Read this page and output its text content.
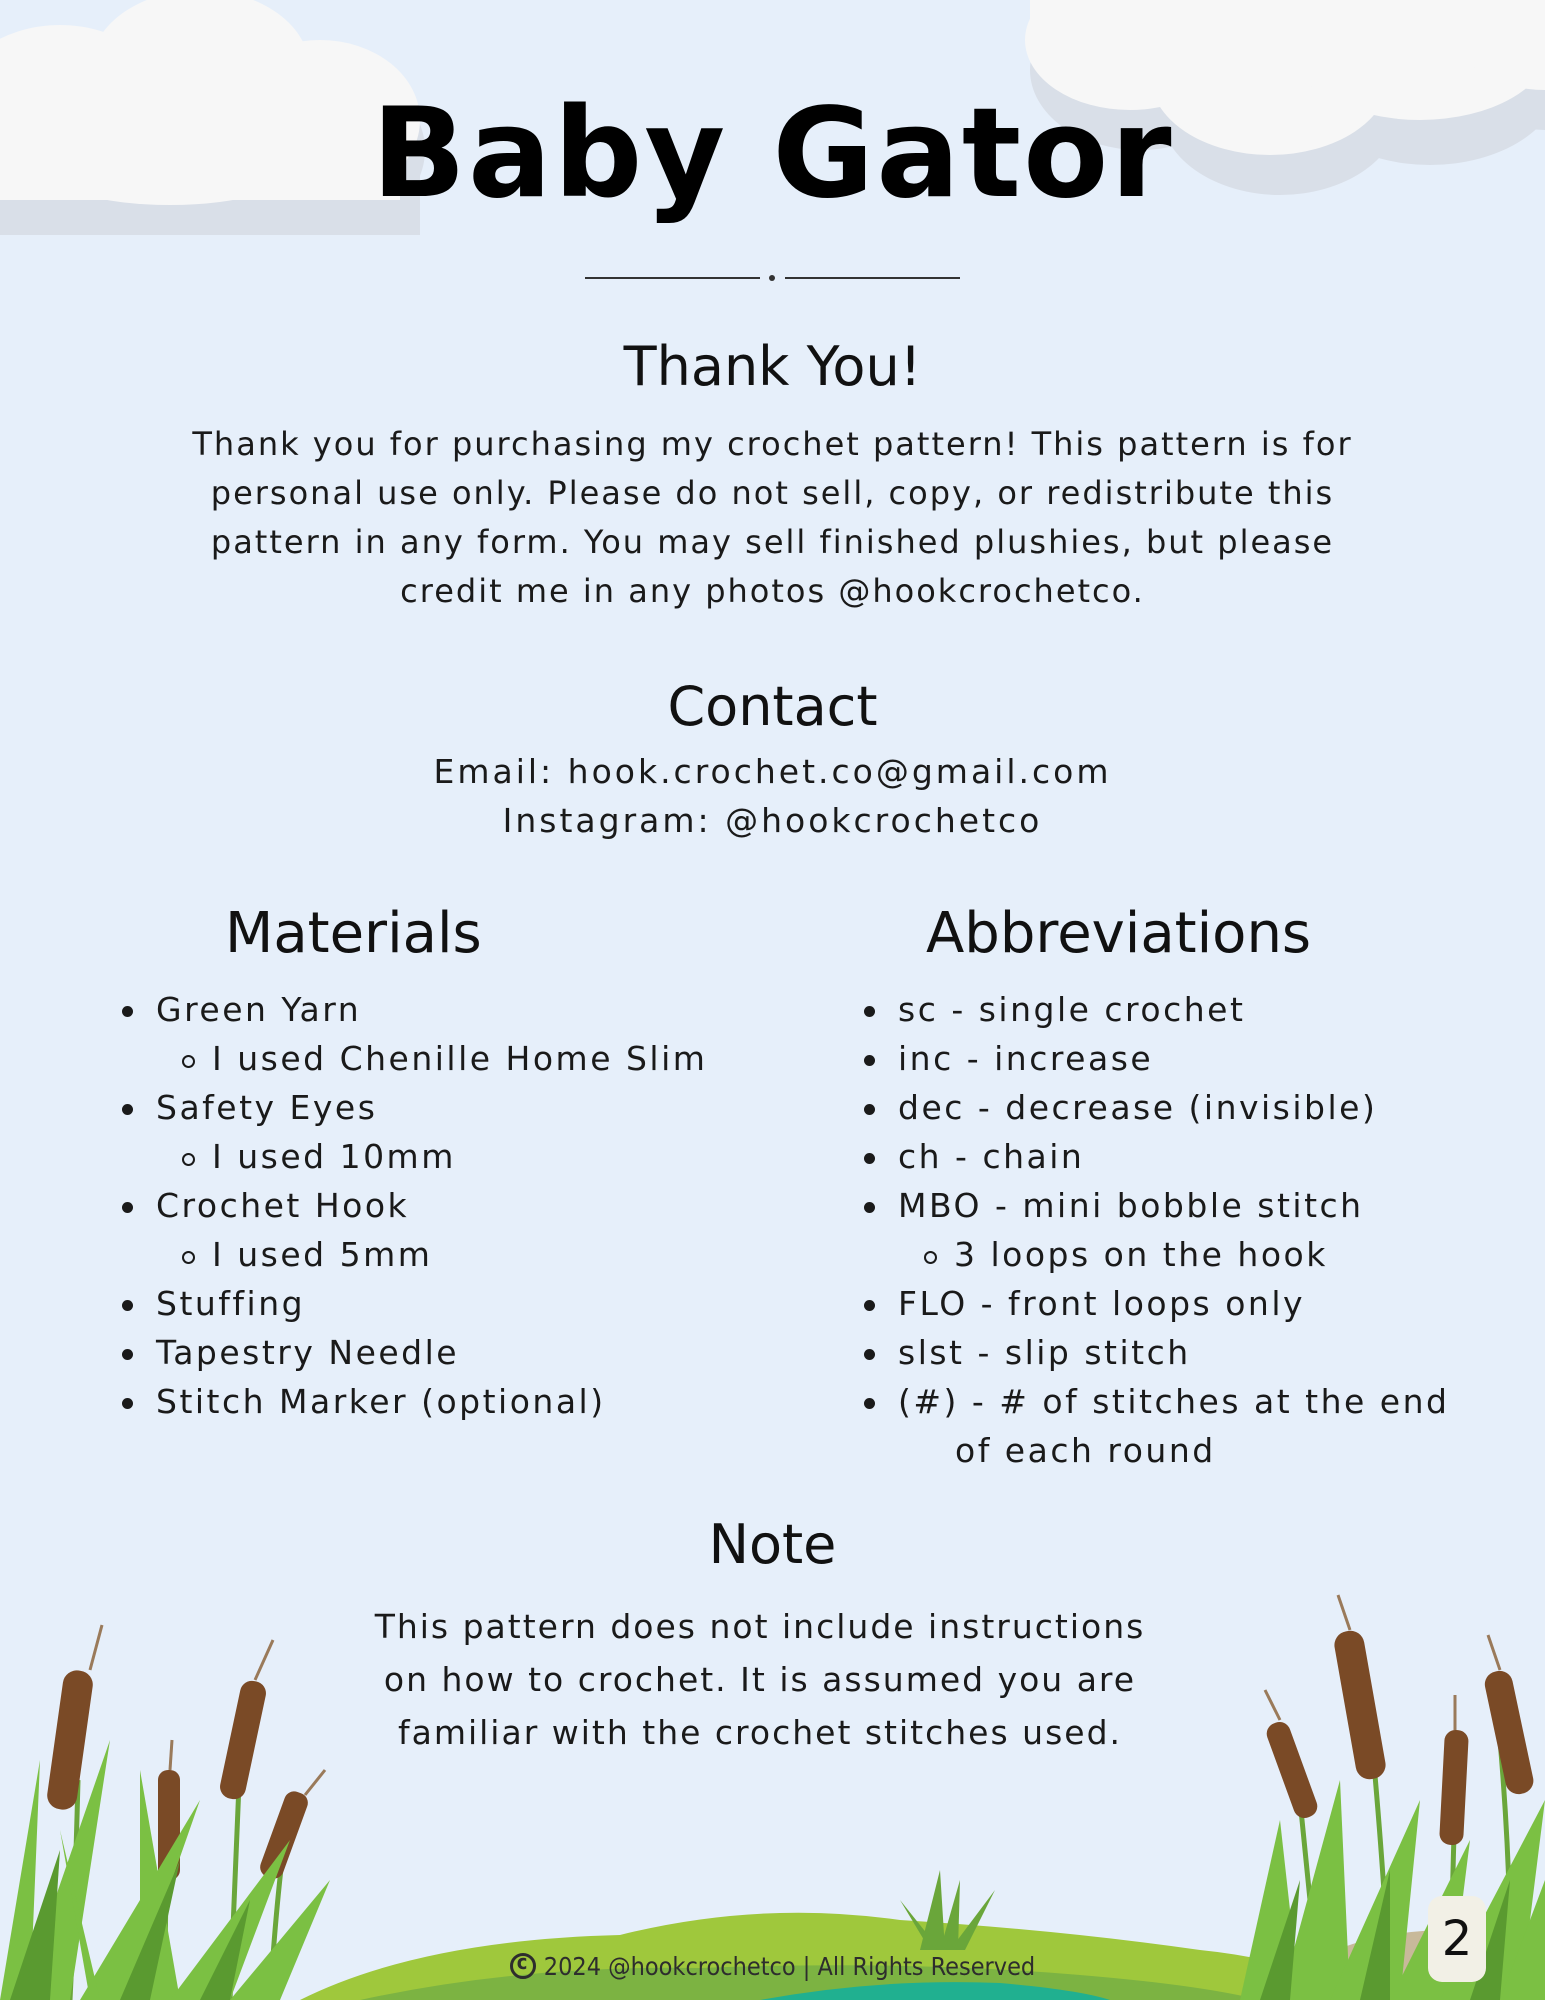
Baby Gator
Thank You!
Thank you for purchasing my crochet pattern! This pattern is for
personal use only. Please do not sell, copy, or redistribute this
pattern in any form. You may sell finished plushies, but please
credit me in any photos @hookcrochetco.
Contact
Email: hook.crochet.co@gmail.com
Instagram: @hookcrochetco
Materials
Green Yarn
I used Chenille Home Slim
Safety Eyes
I used 10mm
Crochet Hook
I used 5mm
Stuffing
Tapestry Needle
Stitch Marker (optional)
Abbreviations
sc - single crochet
inc - increase
dec - decrease (invisible)
ch - chain
MBO - mini bobble stitch
3 loops on the hook
FLO - front loops only
slst - slip stitch
(#) - # of stitches at the end
of each round
Note
This pattern does not include instructions
on how to crochet. It is assumed you are
familiar with the crochet stitches used.
c2024 @hookcrochetco | All Rights Reserved	2
